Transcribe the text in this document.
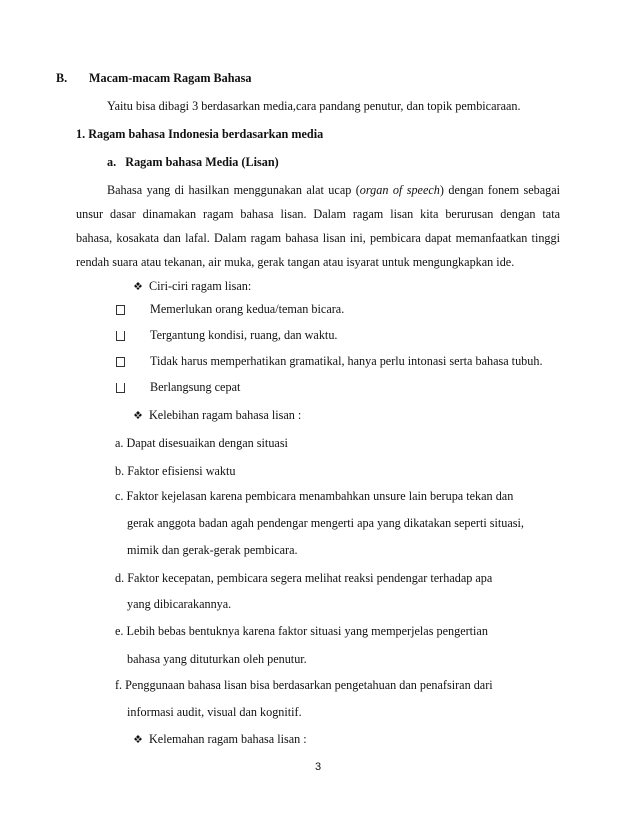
B. Macam-macam Ragam Bahasa
Yaitu bisa dibagi 3 berdasarkan media,cara pandang penutur, dan topik pembicaraan.
1. Ragam bahasa Indonesia berdasarkan media
a.   Ragam bahasa Media (Lisan)
Bahasa yang di hasilkan menggunakan alat ucap (organ of speech) dengan fonem sebagai
unsur dasar dinamakan ragam bahasa lisan. Dalam ragam lisan kita berurusan dengan tata
bahasa, kosakata dan lafal. Dalam ragam bahasa lisan ini, pembicara dapat memanfaatkan tinggi
rendah suara atau tekanan, air muka, gerak tangan atau isyarat untuk mengungkapkan ide.
Ciri-ciri ragam lisan:
Memerlukan orang kedua/teman bicara.
Tergantung kondisi, ruang, dan waktu.
Tidak harus memperhatikan gramatikal, hanya perlu intonasi serta bahasa tubuh.
Berlangsung cepat
Kelebihan ragam bahasa lisan :
a. Dapat disesuaikan dengan situasi
b. Faktor efisiensi waktu
c. Faktor kejelasan karena pembicara menambahkan unsure lain berupa tekan dan
gerak anggota badan agah pendengar mengerti apa yang dikatakan seperti situasi,
mimik dan gerak-gerak pembicara.
d. Faktor kecepatan, pembicara segera melihat reaksi pendengar terhadap apa
yang dibicarakannya.
e. Lebih bebas bentuknya karena faktor situasi yang memperjelas pengertian
bahasa yang dituturkan oleh penutur.
f. Penggunaan bahasa lisan bisa berdasarkan pengetahuan dan penafsiran dari
informasi audit, visual dan kognitif.
Kelemahan ragam bahasa lisan :
3
